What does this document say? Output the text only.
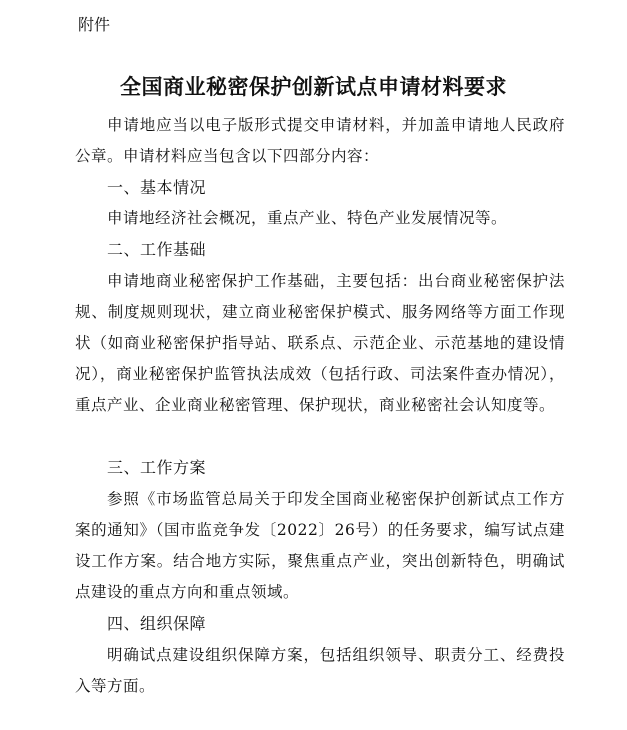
附件
全国商业秘密保护创新试点申请材料要求
申请地应当以电子版形式提交申请材料，并加盖申请地人民政府公章。申请材料应当包含以下四部分内容：
一、基本情况
申请地经济社会概况，重点产业、特色产业发展情况等。
二、工作基础
申请地商业秘密保护工作基础，主要包括：出台商业秘密保护法规、制度规则现状，建立商业秘密保护模式、服务网络等方面工作现状（如商业秘密保护指导站、联系点、示范企业、示范基地的建设情况），商业秘密保护监管执法成效（包括行政、司法案件查办情况），重点产业、企业商业秘密管理、保护现状，商业秘密社会认知度等。
三、工作方案
参照《市场监管总局关于印发全国商业秘密保护创新试点工作方案的通知》（国市监竞争发〔2022〕26号）的任务要求，编写试点建设工作方案。结合地方实际，聚焦重点产业，突出创新特色，明确试点建设的重点方向和重点领域。
四、组织保障
明确试点建设组织保障方案，包括组织领导、职责分工、经费投入等方面。
